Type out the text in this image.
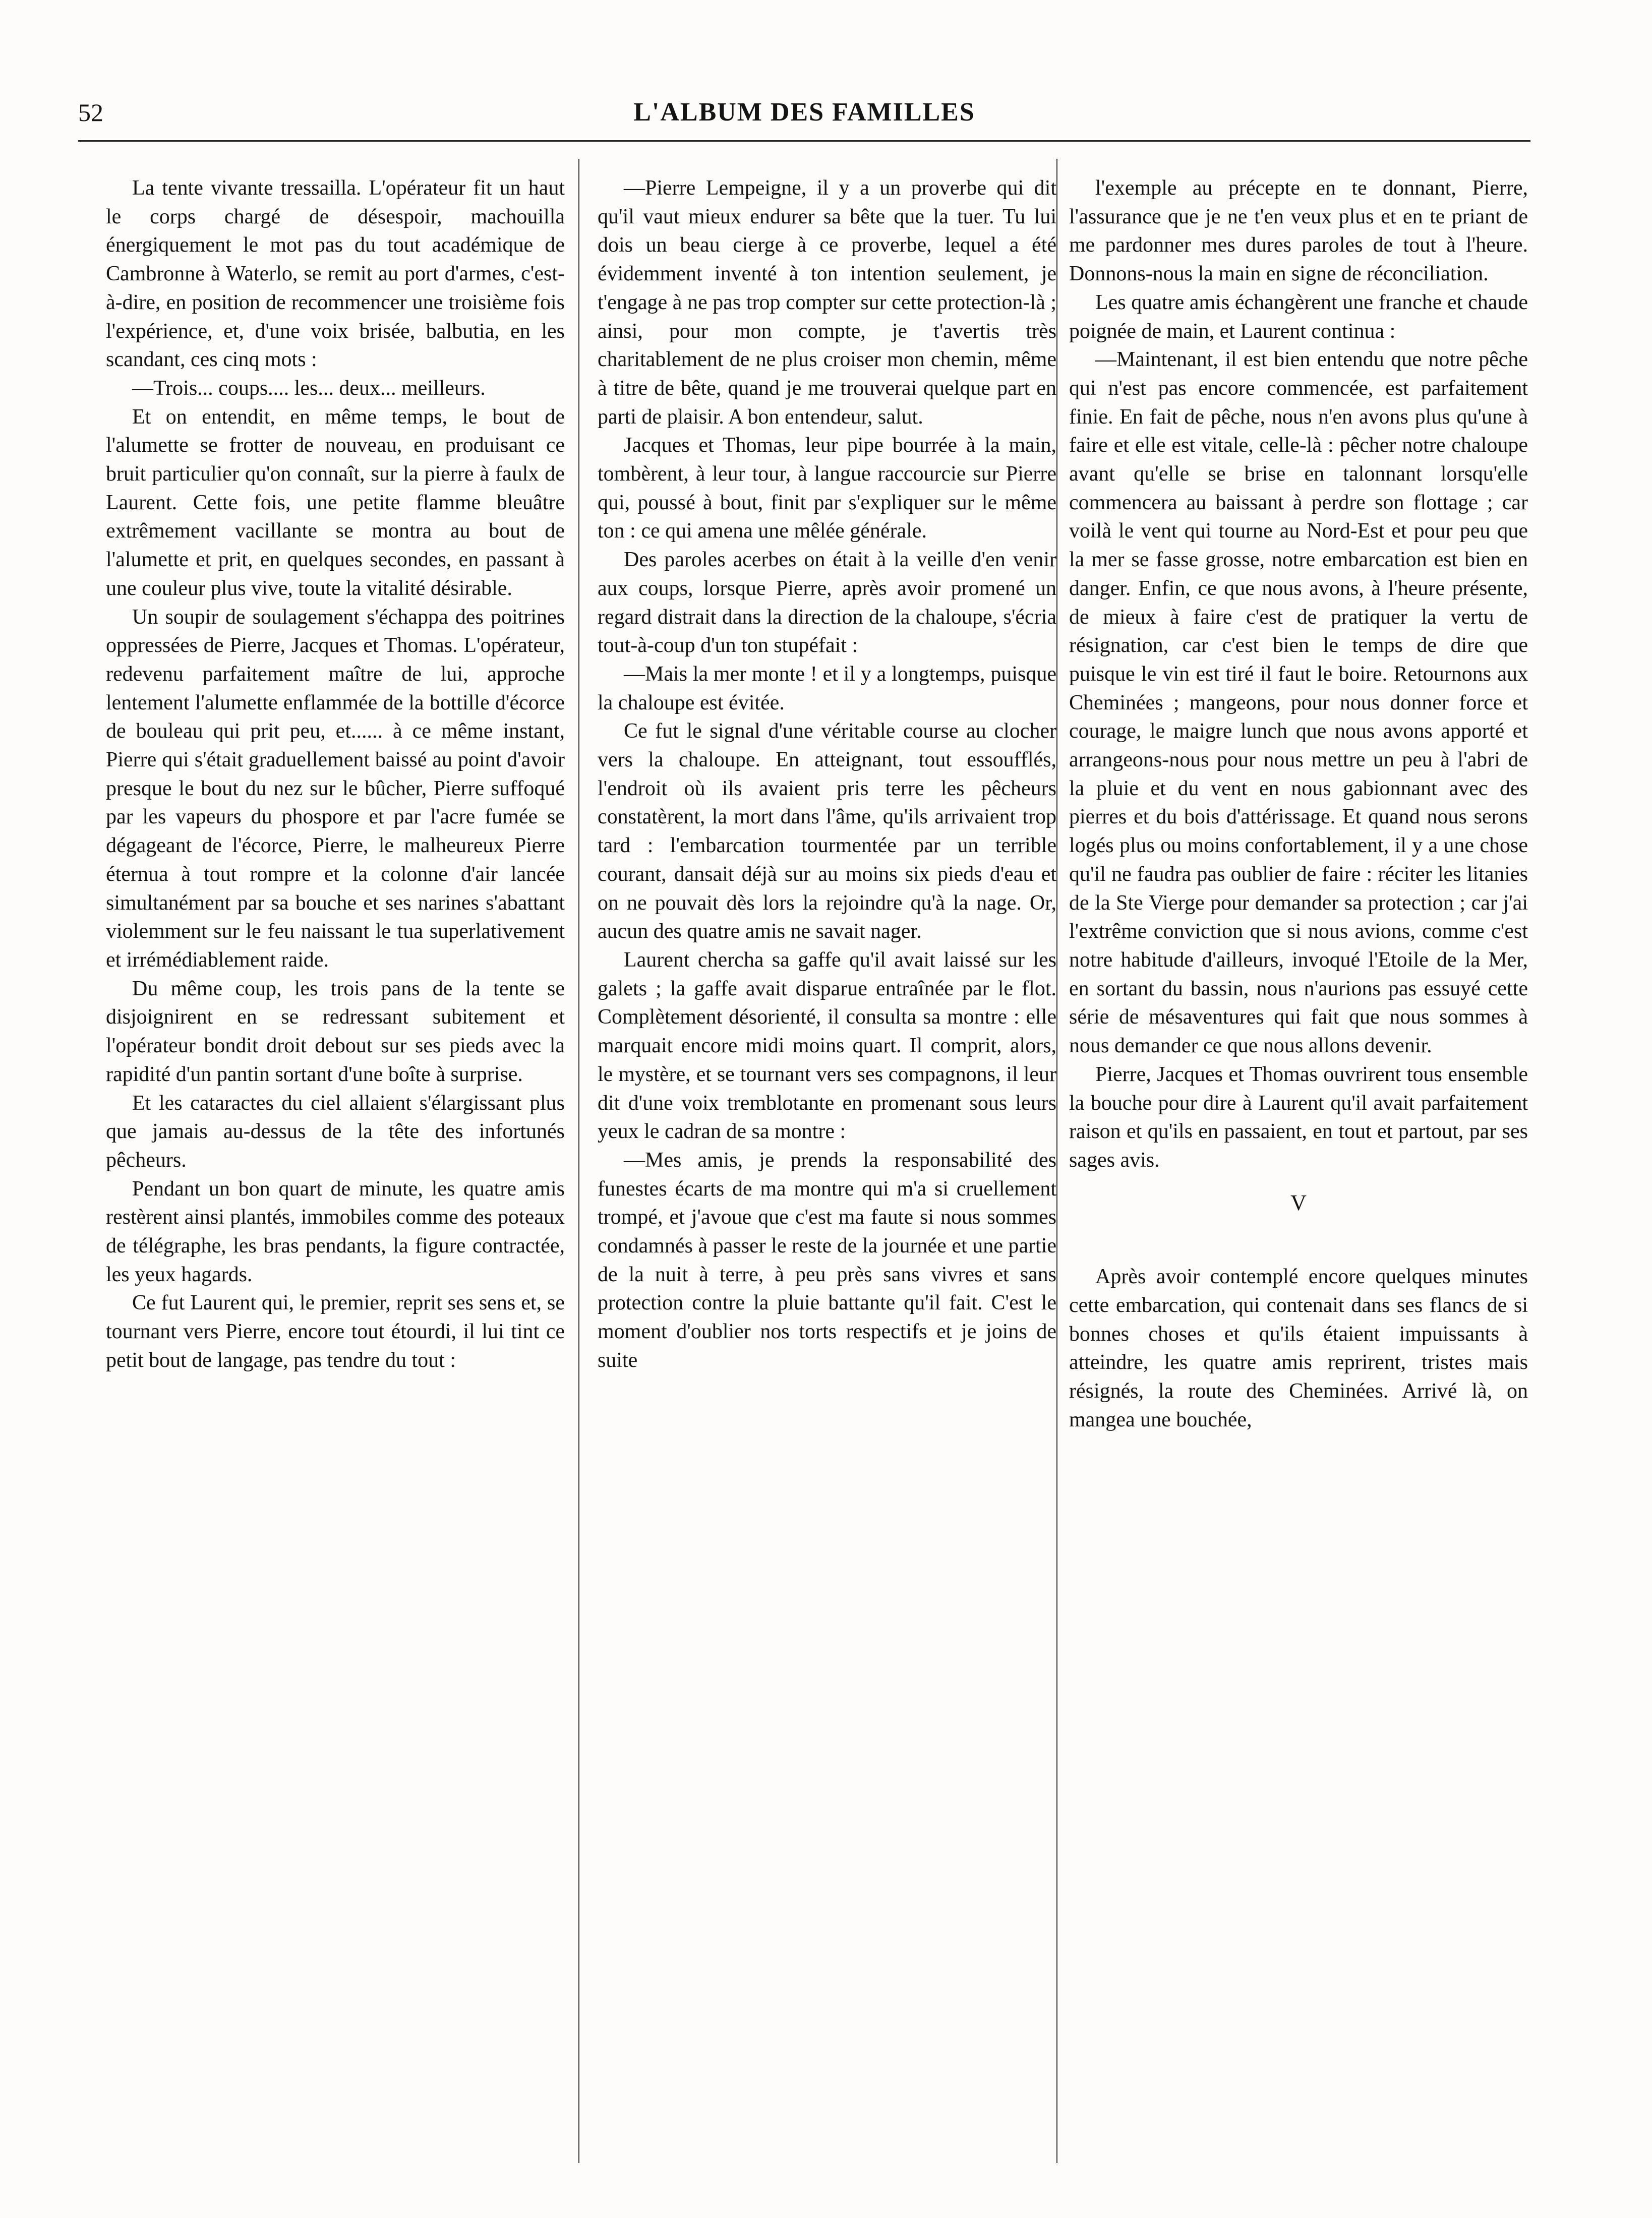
52	L'ALBUM DES FAMILLES

La tente vivante tressailla. L'opérateur fit un haut le corps chargé de désespoir, machouilla énergiquement le mot pas du tout académique de Cambronne à Waterlo, se remit au port d'armes, c'est-à-dire, en position de recommencer une troisième fois l'expérience, et, d'une voix brisée, balbutia, en les scandant, ces cinq mots :

—Trois... coups.... les... deux... meilleurs.

Et on entendit, en même temps, le bout de l'alumette se frotter de nouveau, en produisant ce bruit particulier qu'on connaît, sur la pierre à faulx de Laurent. Cette fois, une petite flamme bleuâtre extrêmement vacillante se montra au bout de l'alumette et prit, en quelques secondes, en passant à une couleur plus vive, toute la vitalité désirable.

Un soupir de soulagement s'échappa des poitrines oppressées de Pierre, Jacques et Thomas. L'opérateur, redevenu parfaitement maître de lui, approche lentement l'alumette enflammée de la bottille d'écorce de bouleau qui prit peu, et...... à ce même instant, Pierre qui s'était graduellement baissé au point d'avoir presque le bout du nez sur le bûcher, Pierre suffoqué par les vapeurs du phospore et par l'acre fumée se dégageant de l'écorce, Pierre, le malheureux Pierre éternua à tout rompre et la colonne d'air lancée simultanément par sa bouche et ses narines s'abattant violemment sur le feu naissant le tua superlativement et irrémédiablement raide.

Du même coup, les trois pans de la tente se disjoignirent en se redressant subitement et l'opérateur bondit droit debout sur ses pieds avec la rapidité d'un pantin sortant d'une boîte à surprise.

Et les cataractes du ciel allaient s'élargissant plus que jamais au-dessus de la tête des infortunés pêcheurs.

Pendant un bon quart de minute, les quatre amis restèrent ainsi plantés, immobiles comme des poteaux de télégraphe, les bras pendants, la figure contractée, les yeux hagards.

Ce fut Laurent qui, le premier, reprit ses sens et, se tournant vers Pierre, encore tout étourdi, il lui tint ce petit bout de langage, pas tendre du tout :

—Pierre Lempeigne, il y a un proverbe qui dit qu'il vaut mieux endurer sa bête que la tuer. Tu lui dois un beau cierge à ce proverbe, lequel a été évidemment inventé à ton intention seulement, je t'engage à ne pas trop compter sur cette protection-là ; ainsi, pour mon compte, je t'avertis très charitablement de ne plus croiser mon chemin, même à titre de bête, quand je me trouverai quelque part en parti de plaisir. A bon entendeur, salut.

Jacques et Thomas, leur pipe bourrée à la main, tombèrent, à leur tour, à langue raccourcie sur Pierre qui, poussé à bout, finit par s'expliquer sur le même ton : ce qui amena une mêlée générale.

Des paroles acerbes on était à la veille d'en venir aux coups, lorsque Pierre, après avoir promené un regard distrait dans la direction de la chaloupe, s'écria tout-à-coup d'un ton stupéfait :

—Mais la mer monte ! et il y a longtemps, puisque la chaloupe est évitée.

Ce fut le signal d'une véritable course au clocher vers la chaloupe. En atteignant, tout essoufflés, l'endroit où ils avaient pris terre les pêcheurs constatèrent, la mort dans l'âme, qu'ils arrivaient trop tard : l'embarcation tourmentée par un terrible courant, dansait déjà sur au moins six pieds d'eau et on ne pouvait dès lors la rejoindre qu'à la nage. Or, aucun des quatre amis ne savait nager.

Laurent chercha sa gaffe qu'il avait laissé sur les galets ; la gaffe avait disparue entraînée par le flot. Complètement désorienté, il consulta sa montre : elle marquait encore midi moins quart. Il comprit, alors, le mystère, et se tournant vers ses compagnons, il leur dit d'une voix tremblotante en promenant sous leurs yeux le cadran de sa montre :

—Mes amis, je prends la responsabilité des funestes écarts de ma montre qui m'a si cruellement trompé, et j'avoue que c'est ma faute si nous sommes condamnés à passer le reste de la journée et une partie de la nuit à terre, à peu près sans vivres et sans protection contre la pluie battante qu'il fait. C'est le moment d'oublier nos torts respectifs et je joins de suite

l'exemple au précepte en te donnant, Pierre, l'assurance que je ne t'en veux plus et en te priant de me pardonner mes dures paroles de tout à l'heure. Donnons-nous la main en signe de réconciliation.

Les quatre amis échangèrent une franche et chaude poignée de main, et Laurent continua :

—Maintenant, il est bien entendu que notre pêche qui n'est pas encore commencée, est parfaitement finie. En fait de pêche, nous n'en avons plus qu'une à faire et elle est vitale, celle-là : pêcher notre chaloupe avant qu'elle se brise en talonnant lorsqu'elle commencera au baissant à perdre son flottage ; car voilà le vent qui tourne au Nord-Est et pour peu que la mer se fasse grosse, notre embarcation est bien en danger. Enfin, ce que nous avons, à l'heure présente, de mieux à faire c'est de pratiquer la vertu de résignation, car c'est bien le temps de dire que puisque le vin est tiré il faut le boire. Retournons aux Cheminées ; mangeons, pour nous donner force et courage, le maigre lunch que nous avons apporté et arrangeons-nous pour nous mettre un peu à l'abri de la pluie et du vent en nous gabionnant avec des pierres et du bois d'attérissage. Et quand nous serons logés plus ou moins confortablement, il y a une chose qu'il ne faudra pas oublier de faire : réciter les litanies de la Ste Vierge pour demander sa protection ; car j'ai l'extrême conviction que si nous avions, comme c'est notre habitude d'ailleurs, invoqué l'Etoile de la Mer, en sortant du bassin, nous n'aurions pas essuyé cette série de mésaventures qui fait que nous sommes à nous demander ce que nous allons devenir.

Pierre, Jacques et Thomas ouvrirent tous ensemble la bouche pour dire à Laurent qu'il avait parfaitement raison et qu'ils en passaient, en tout et partout, par ses sages avis.

V

Après avoir contemplé encore quelques minutes cette embarcation, qui contenait dans ses flancs de si bonnes choses et qu'ils étaient impuissants à atteindre, les quatre amis reprirent, tristes mais résignés, la route des Cheminées. Arrivé là, on mangea une bouchée,
